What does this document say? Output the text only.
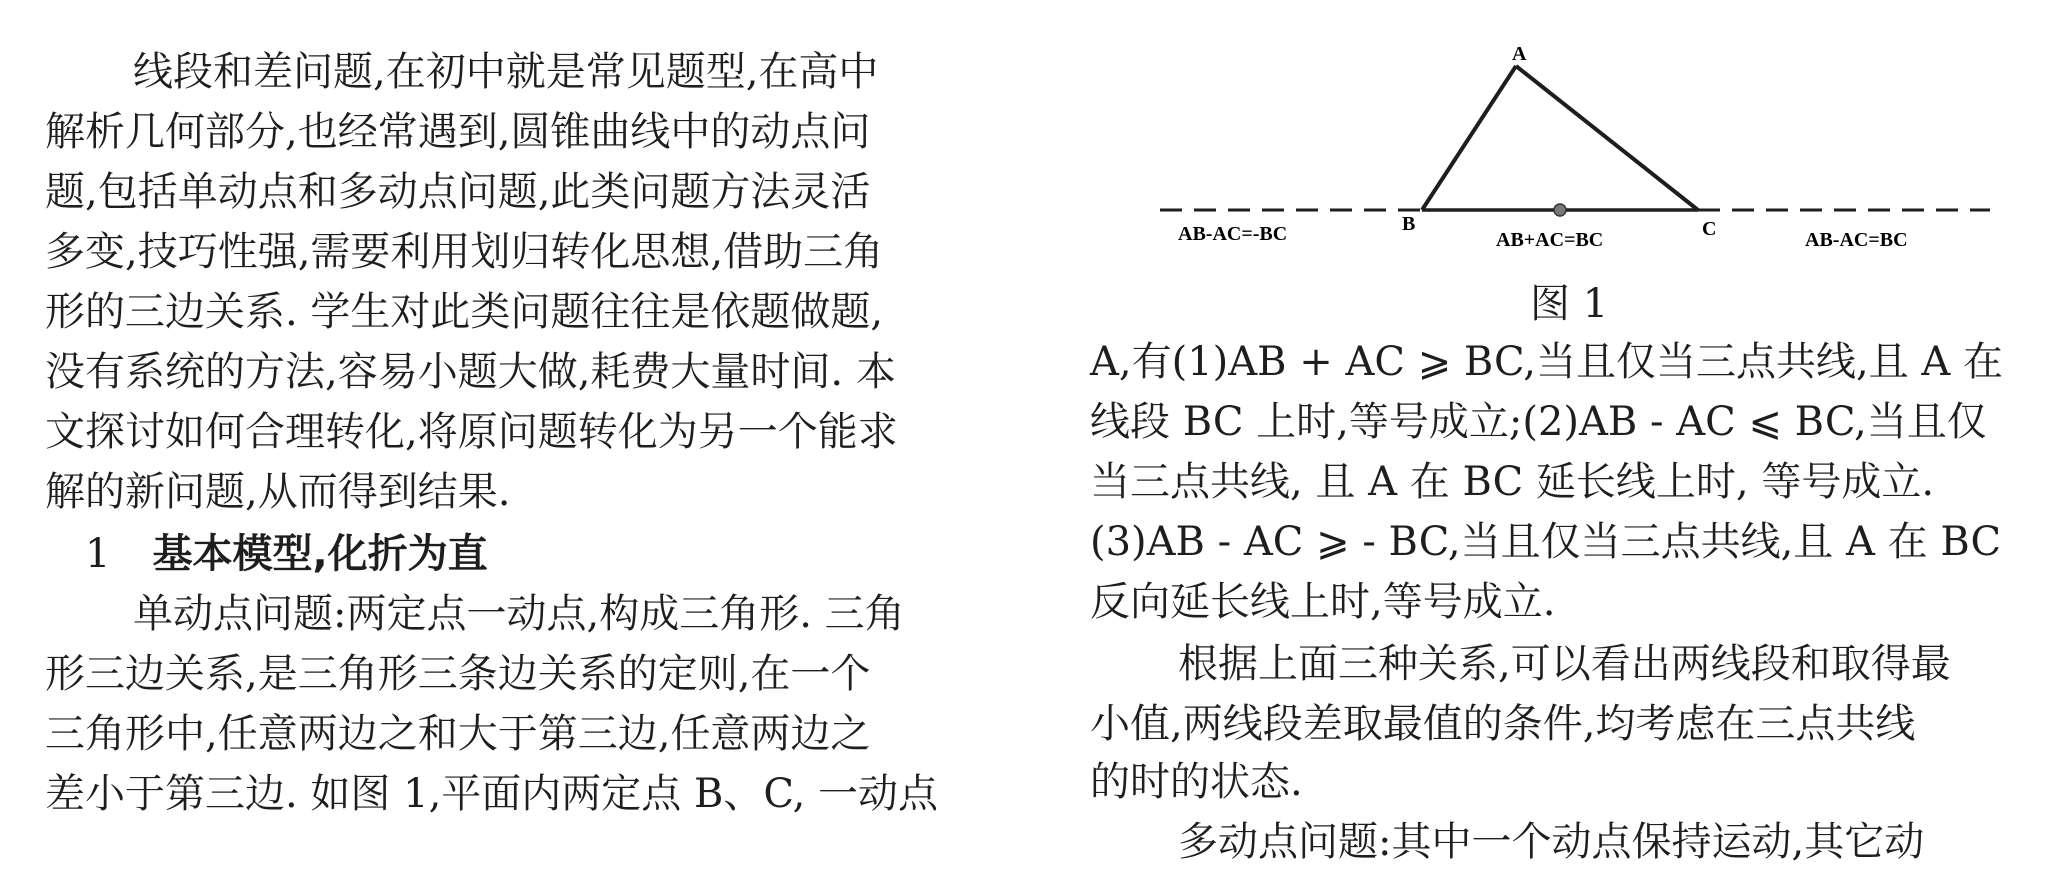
线段和差问题,在初中就是常见题型,在高中
解析几何部分,也经常遇到,圆锥曲线中的动点问
题,包括单动点和多动点问题,此类问题方法灵活
多变,技巧性强,需要利用划归转化思想,借助三角
形的三边关系. 学生对此类问题往往是依题做题,
没有系统的方法,容易小题大做,耗费大量时间. 本
文探讨如何合理转化,将原问题转化为另一个能求
解的新问题,从而得到结果.
单动点问题:两定点一动点,构成三角形. 三角
形三边关系,是三角形三条边关系的定则,在一个
三角形中,任意两边之和大于第三边,任意两边之
差小于第三边. 如图 1,平面内两定点 B、C, 一动点
1 基本模型,化折为直
A
B	C
AB-AC=-BC	AB+AC=BC	AB-AC=BC
图 1
A,有(1)AB + AC ⩾ BC,当且仅当三点共线,且 A 在
线段 BC 上时,等号成立;(2)AB - AC ⩽ BC,当且仅
当三点共线, 且 A 在 BC 延长线上时, 等号成立.
(3)AB - AC ⩾ - BC,当且仅当三点共线,且 A 在 BC
反向延长线上时,等号成立.
根据上面三种关系,可以看出两线段和取得最
小值,两线段差取最值的条件,均考虑在三点共线
的时的状态.
多动点问题:其中一个动点保持运动,其它动
